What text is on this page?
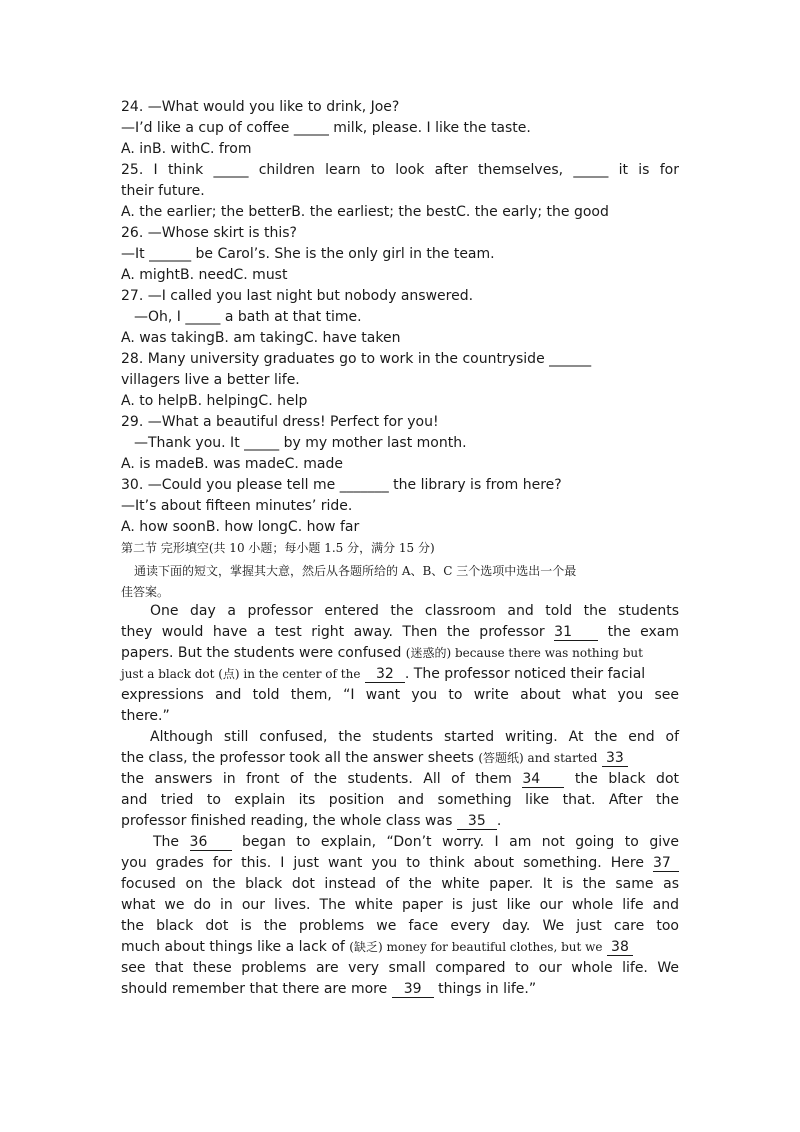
24. —What would you like to drink, Joe?
—I’d like a cup of coffee _____ milk, please. I like the taste.
A. inB. withC. from
25. I think _____ children learn to look after themselves, _____ it is for
their future.
A. the earlier; the betterB. the earliest; the bestC. the early; the good
26. —Whose skirt is this?
—It ______ be Carol’s. She is the only girl in the team.
A. mightB. needC. must
27. —I called you last night but nobody answered.
—Oh, I _____ a bath at that time.
A. was takingB. am takingC. have taken
28. Many university graduates go to work in the countryside ______
villagers live a better life.
A. to helpB. helpingC. help
29. —What a beautiful dress! Perfect for you!
—Thank you. It _____ by my mother last month.
A. is madeB. was madeC. made
30. —Could you please tell me _______ the library is from here?
—It’s about fifteen minutes’ ride.
A. how soonB. how longC. how far
第二节 完形填空(共 10 小题；每小题 1.5 分，满分 15 分)
通读下面的短文，掌握其大意，然后从各题所给的 A、B、C 三个选项中选出一个最
佳答案。
One day a professor entered the classroom and told the students
they would have a test right away. Then the professor 31	the exam
papers. But the students were confused (迷惑的) because there was nothing but
just a black dot (点) in the center of the 32 . The professor noticed their facial
expressions and told them, “I want you to write about what you see
there.”
Although still confused, the students started writing. At the end of
the class, the professor took all the answer sheets (答题纸) and started 33
the answers in front of the students. All of them 34 the black dot
and tried to explain its position and something like that. After the
professor finished reading, the whole class was 35 .
The 36 began to explain, “Don’t worry. I am not going to give
you grades for this. I just want you to think about something. Here 37
focused on the black dot instead of the white paper. It is the same as
what we do in our lives. The white paper is just like our whole life and
the black dot is the problems we face every day. We just care too
much about things like a lack of (缺乏) money for beautiful clothes, but we 38
see that these problems are very small compared to our whole life. We
should remember that there are more 39 things in life.”
